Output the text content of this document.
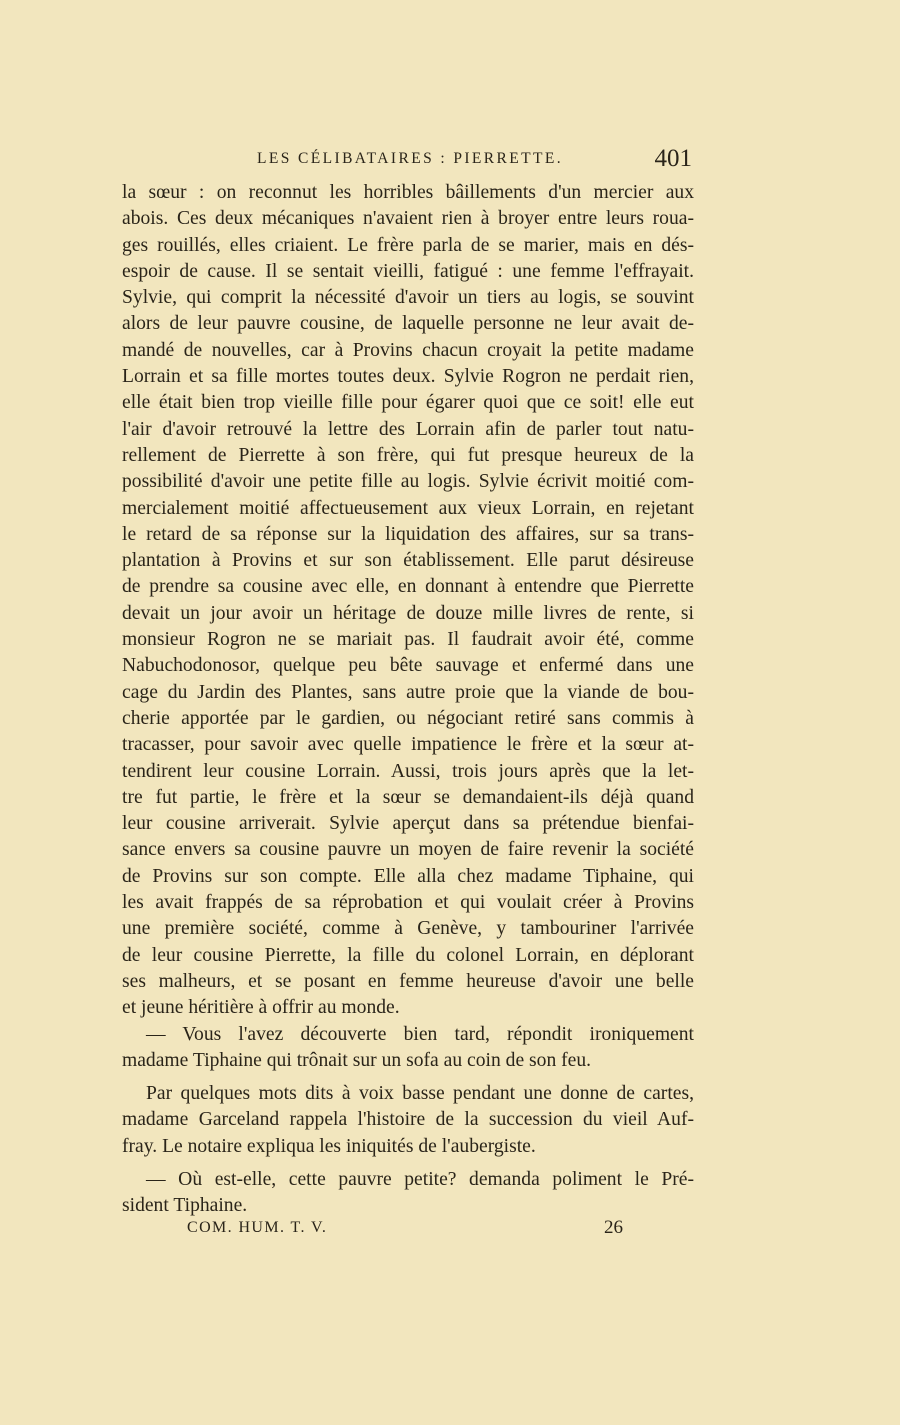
LES CÉLIBATAIRES : PIERRETTE.	401
la sœur : on reconnut les horribles bâillements d'un mercier aux
abois. Ces deux mécaniques n'avaient rien à broyer entre leurs roua-
ges rouillés, elles criaient. Le frère parla de se marier, mais en dés-
espoir de cause. Il se sentait vieilli, fatigué : une femme l'effrayait.
Sylvie, qui comprit la nécessité d'avoir un tiers au logis, se souvint
alors de leur pauvre cousine, de laquelle personne ne leur avait de-
mandé de nouvelles, car à Provins chacun croyait la petite madame
Lorrain et sa fille mortes toutes deux. Sylvie Rogron ne perdait rien,
elle était bien trop vieille fille pour égarer quoi que ce soit! elle eut
l'air d'avoir retrouvé la lettre des Lorrain afin de parler tout natu-
rellement de Pierrette à son frère, qui fut presque heureux de la
possibilité d'avoir une petite fille au logis. Sylvie écrivit moitié com-
mercialement moitié affectueusement aux vieux Lorrain, en rejetant
le retard de sa réponse sur la liquidation des affaires, sur sa trans-
plantation à Provins et sur son établissement. Elle parut désireuse
de prendre sa cousine avec elle, en donnant à entendre que Pierrette
devait un jour avoir un héritage de douze mille livres de rente, si
monsieur Rogron ne se mariait pas. Il faudrait avoir été, comme
Nabuchodonosor, quelque peu bête sauvage et enfermé dans une
cage du Jardin des Plantes, sans autre proie que la viande de bou-
cherie apportée par le gardien, ou négociant retiré sans commis à
tracasser, pour savoir avec quelle impatience le frère et la sœur at-
tendirent leur cousine Lorrain. Aussi, trois jours après que la let-
tre fut partie, le frère et la sœur se demandaient-ils déjà quand
leur cousine arriverait. Sylvie aperçut dans sa prétendue bienfai-
sance envers sa cousine pauvre un moyen de faire revenir la société
de Provins sur son compte. Elle alla chez madame Tiphaine, qui
les avait frappés de sa réprobation et qui voulait créer à Provins
une première société, comme à Genève, y tambouriner l'arrivée
de leur cousine Pierrette, la fille du colonel Lorrain, en déplorant
ses malheurs, et se posant en femme heureuse d'avoir une belle
et jeune héritière à offrir au monde.
— Vous l'avez découverte bien tard, répondit ironiquement
madame Tiphaine qui trônait sur un sofa au coin de son feu.
Par quelques mots dits à voix basse pendant une donne de cartes,
madame Garceland rappela l'histoire de la succession du vieil Auf-
fray. Le notaire expliqua les iniquités de l'aubergiste.
— Où est-elle, cette pauvre petite? demanda poliment le Pré-
sident Tiphaine.
COM. HUM. T. V.	26
